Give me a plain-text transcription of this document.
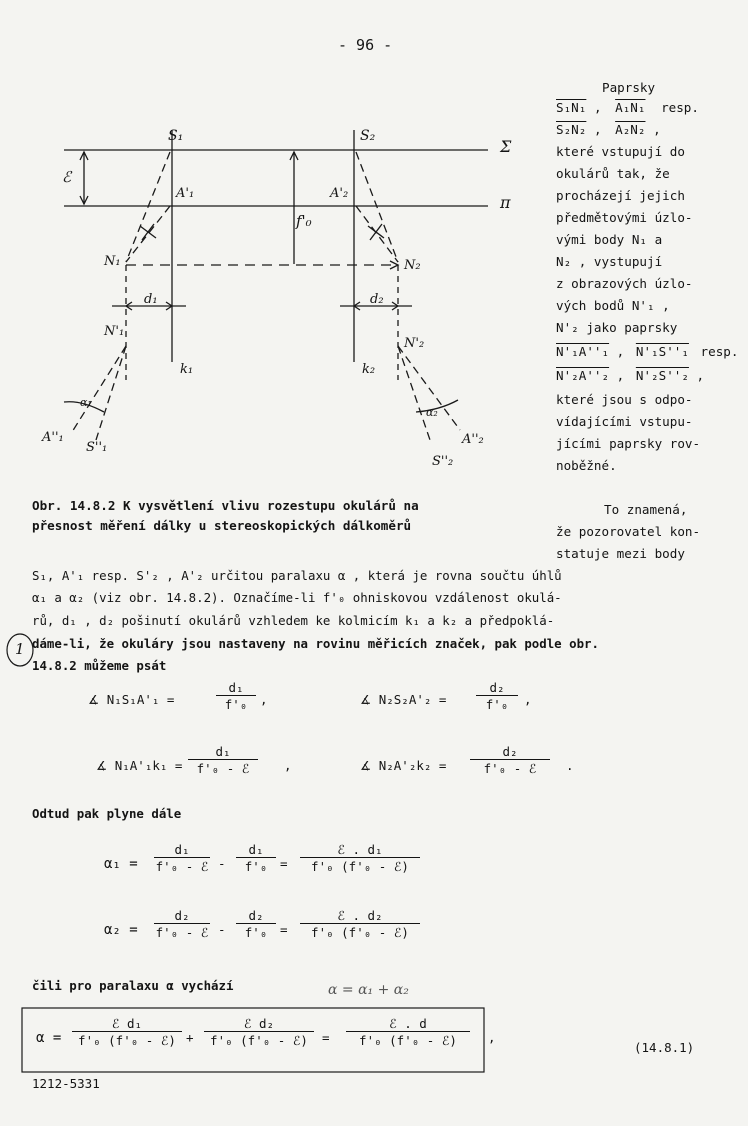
- 96 -
S₁	S₂
Σ
π
ℰ
A'₁	A'₂
f'₀
N₁	N₂
d₁	d₂
N'₁
N'₂
k₁	k₂
α₁
α₂
A''₁
S''₁
A''₂
S''₂
Paprsky
S₁N₁ , A₁N₁ resp.
S₂N₂ , A₂N₂ ,
které vstupují do
okulárů tak, že
procházejí jejich
předmětovými úzlo-
vými body N₁ a
N₂ , vystupují
z obrazových úzlo-
vých bodů N'₁ ,
N'₂ jako paprsky
N'₁A''₁ , N'₁S''₁ resp.
N'₂A''₂ , N'₂S''₂ ,
které jsou s odpo-
vídajícími vstupu-
jícími paprsky rov-
noběžné.
Obr. 14.8.2 K vysvětlení vlivu rozestupu okulárů na
přesnost měření dálky u stereoskopických dálkoměrů
To znamená,
že pozorovatel kon-
statuje mezi body
S₁, A'₁ resp. S'₂ , A'₂ určitou paralaxu α , která je rovna součtu úhlů
α₁ a α₂ (viz obr. 14.8.2). Označíme-li f'₀ ohniskovou vzdálenost okulá-
rů, d₁ , d₂ pošinutí okulárů vzhledem ke kolmicím k₁ a k₂ a předpoklá-
dáme-li, že okuláry jsou nastaveny na rovinu měřicích značek, pak podle obr.
14.8.2 můžeme psát
1
∡ N₁S₁A'₁ =	$\frac{\text{d₁}}{\text{f'₀}}$ ,	∡ $N_2S_2A'_2 = \frac{\text{d₂}}{\text{f'₀}}$ ,
∡ N₁A'₁k₁ =
d₁
f'₀ - ℰ	,	∡ N₂A'₂k₂ =
d₂
f'₀ - ℰ	.
Odtud pak plyne dále
α₁ =
d₁
f'₀ - ℰ - $\frac{\text{d₁}}{\text{f'₀}}$ =
ℰ . d₁
f'₀ (f'₀ - ℰ)
α₂ =
d₂
f'₀ - ℰ - $\frac{\text{d₂}}{\text{f'₀}}$ =
ℰ . d₂
f'₀ (f'₀ - ℰ)
čili pro paralaxu α vychází	α = α₁ + α₂
α =
ℰ d₁
f'₀ (f'₀ - ℰ) +
ℰ d₂
f'₀ (f'₀ - ℰ)	=
ℰ . d
f'₀ (f'₀ - ℰ)	,
(14.8.1)
1212-5331
